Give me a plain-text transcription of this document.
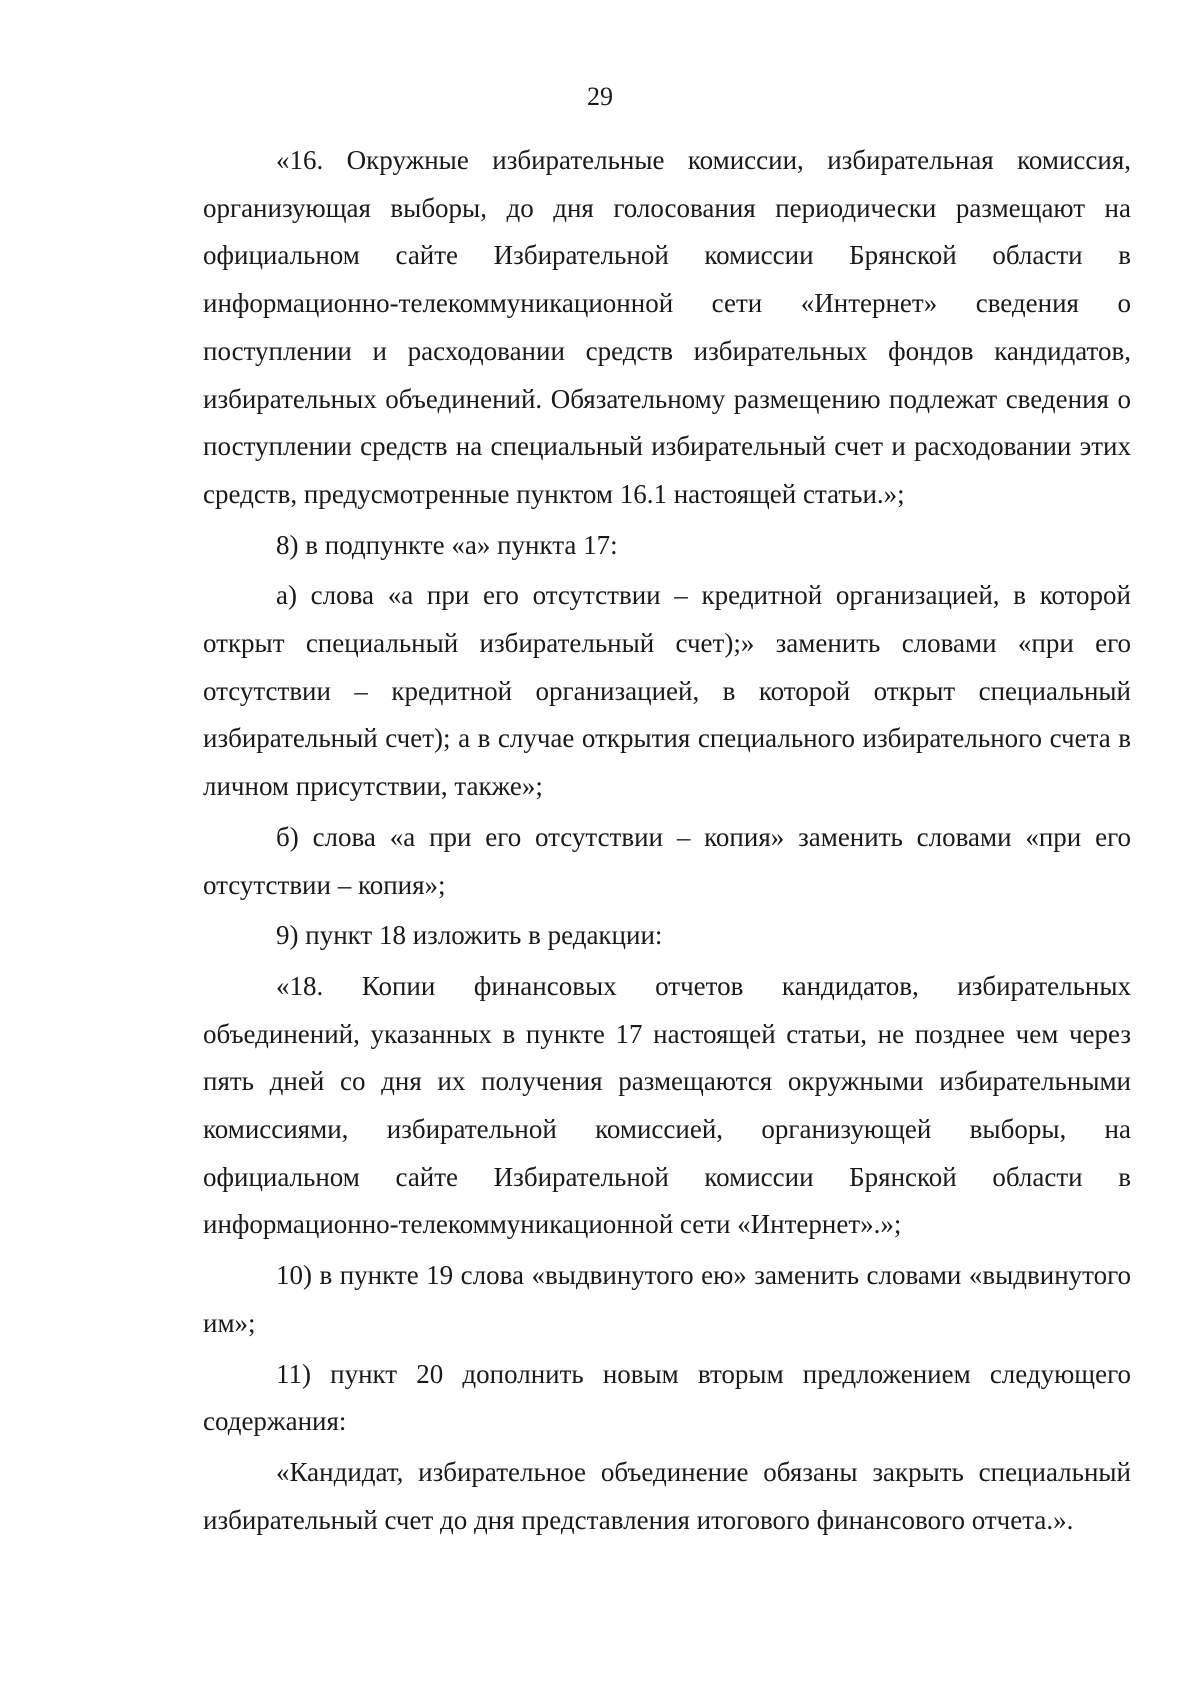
29

«16. Окружные избирательные комиссии, избирательная комиссия, организующая выборы, до дня голосования периодически размещают на официальном сайте Избирательной комиссии Брянской области в информационно-телекоммуникационной сети «Интернет» сведения о поступлении и расходовании средств избирательных фондов кандидатов, избирательных объединений. Обязательному размещению подлежат сведения о поступлении средств на специальный избирательный счет и расходовании этих средств, предусмотренные пунктом 16.1 настоящей статьи.»;

8) в подпункте «а» пункта 17:

а) слова «а при его отсутствии – кредитной организацией, в которой открыт специальный избирательный счет);» заменить словами «при его отсутствии – кредитной организацией, в которой открыт специальный избирательный счет); а в случае открытия специального избирательного счета в личном присутствии, также»;

б) слова «а при его отсутствии – копия» заменить словами «при его отсутствии – копия»;

9) пункт 18 изложить в редакции:

«18. Копии финансовых отчетов кандидатов, избирательных объединений, указанных в пункте 17 настоящей статьи, не позднее чем через пять дней со дня их получения размещаются окружными избирательными комиссиями, избирательной комиссией, организующей выборы, на официальном сайте Избирательной комиссии Брянской области в информационно-телекоммуникационной сети «Интернет».»;

10) в пункте 19 слова «выдвинутого ею» заменить словами «выдвинутого им»;

11) пункт 20 дополнить новым вторым предложением следующего содержания:

«Кандидат, избирательное объединение обязаны закрыть специальный избирательный счет до дня представления итогового финансового отчета.».
